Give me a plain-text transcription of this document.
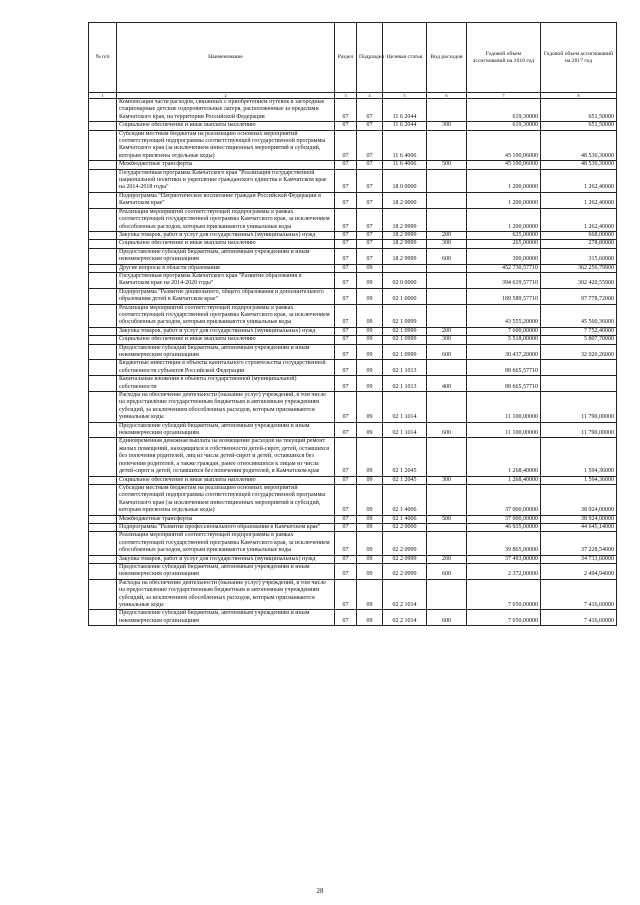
№ п/п	Наименование	Раздел	Подраздел	Целевая статья	Вид расходов	Годовой объем ассигнований на 2016 год	Годовой объем ассигнований на 2017 год
1	2	3	4	5	6	7	8
	Компенсация части расходов, связанных с приобретением путевок в загородные стационарные детские оздоровительные лагеря, расположенные за пределами Камчатского края, на территории Российской Федерации	07	07	11 6 2044		619,30000	651,50000
	Социальное обеспечение и иные выплаты населению	07	07	11 6 2044	300	619,30000	651,50000
	Субсидии местным бюджетам на реализацию основных мероприятий соответствующей подпрограммы соответствующей государственной программы Камчатского края (за исключением инвестиционных мероприятий и субсидий, которым присвоены отдельные коды)	07	07	11 6 4006		45 190,06000	48 536,30000
	Межбюджетные трансферты	07	07	11 6 4006	500	45 190,06000	48 536,30000
	Государственная программа Камчатского края "Реализация государственной национальной политики и укрепление гражданского единства в Камчатском крае на 2014-2018 годы"	07	07	18 0 0000		1 200,00000	1 262,40000
	Подпрограмма "Патриотическое воспитание граждан Российской Федерации в Камчатском крае"	07	07	18 2 0000		1 200,00000	1 262,40000
	Реализация мероприятий соответствующей подпрограммы в рамках соответствующей государственной программы Камчатского края, за исключением обособленных расходов, которым присваиваются уникальные коды	07	07	18 2 9999		1 200,00000	1 262,40000
	Закупка товаров, работ и услуг для государственных (муниципальных) нужд	07	07	18 2 9999	200	635,00000	668,00000
	Социальное обеспечение и иные выплаты населению	07	07	18 2 9999	300	265,00000	278,80000
	Предоставление субсидий бюджетным, автономным учреждениям и иным некоммерческим организациям	07	07	18 2 9999	600	300,00000	315,60000
	Другие вопросы в области образования	07	09			452 730,57710	362 256,79900
	Государственная программа Камчатского края "Развитие образования в Камчатском крае на 2014-2020 годы"	07	09	02 0 0000		394 619,57710	302 420,55900
	Подпрограмма "Развитие дошкольного, общего образования и дополнительного образования детей в Камчатском крае"	07	09	02 1 0000		189 589,57710	97 778,72000
	Реализация мероприятий соответствующей подпрограммы в рамках соответствующей государственной программы Камчатского края, за исключением обособленных расходов, которым присваиваются уникальные коды	07	09	02 1 0999		43 555,20000	45 560,36000
	Закупка товаров, работ и услуг для государственных (муниципальных) нужд	07	09	02 1 0999	200	7 600,00000	7 752,40000
	Социальное обеспечение и иные выплаты населению	07	09	02 1 0999	300	5 518,00000	5 807,70000
	Предоставление субсидий бюджетным, автономным учреждениям и иным некоммерческим организациям	07	09	02 1 0999	600	30 437,20000	32 020,26000
	Бюджетные инвестиции в объекты капитального строительства государственной собственности субъектов Российской Федерации	07	09	02 1 1013		98 665,57710	
	Капитальные вложения в объекты государственной (муниципальной) собственности	07	09	02 1 1013	400	98 665,57710	
	Расходы на обеспечение деятельности (оказание услуг) учреждений, в том числе на предоставление государственным бюджетным и автономным учреждениям субсидий, за исключением обособленных расходов, которым присваиваются уникальные коды	07	09	02 1 1014		11 100,00000	11 790,00000
	Предоставление субсидий бюджетным, автономным учреждениям и иным некоммерческим организациям	07	09	02 1 1014	600	11 100,00000	11 790,00000
	Единовременная денежная выплата на возмещение расходов на текущий ремонт жилых помещений, находящихся в собственности детей-сирот, детей, оставшихся без попечения родителей, лиц из числа детей-сирот и детей, оставшихся без попечения родителей, а также граждан, ранее относившихся к лицам из числа детей-сирот и детей, оставшихся без попечения родителей, в Камчатском крае	07	09	02 1 2045		1 268,40000	1 594,36000
	Социальное обеспечение и иные выплаты населению	07	09	02 1 2045	300	1 268,40000	1 594,36000
	Субсидии местным бюджетам на реализацию основных мероприятий соответствующей подпрограммы соответствующей государственной программы Камчатского края (за исключением инвестиционных мероприятий и субсидий, которым присвоены отдельные коды)	07	09	02 1 4006		37 000,00000	38 924,00000
	Межбюджетные трансферты	07	09	02 1 4006	500	37 000,00000	38 924,00000
	Подпрограмма "Развитие профессионального образования в Камчатском крае"	07	09	02 2 0000		46 935,00000	44 645,14000
	Реализация мероприятий соответствующей подпрограммы в рамках соответствующей государственной программы Камчатского края, за исключением обособленных расходов, которым присваиваются уникальные коды	07	09	02 2 0999		39 865,00000	37 228,54000
	Закупка товаров, работ и услуг для государственных (муниципальных) нужд	07	09	02 2 0999	200	37 493,00000	34 733,60000
	Предоставление субсидий бюджетным, автономным учреждениям и иным некоммерческим организациям	07	09	02 2 0999	600	2 372,00000	2 494,94000
	Расходы на обеспечение деятельности (оказание услуг) учреждений, в том числе на предоставление государственным бюджетным и автономным учреждениям субсидий, за исключением обособленных расходов, которым присваиваются уникальные коды	07	09	02 2 1014		7 050,00000	7 416,60000
	Предоставление субсидий бюджетным, автономным учреждениям и иным некоммерческим организациям	07	09	02 2 1014	600	7 050,00000	7 416,60000
28
